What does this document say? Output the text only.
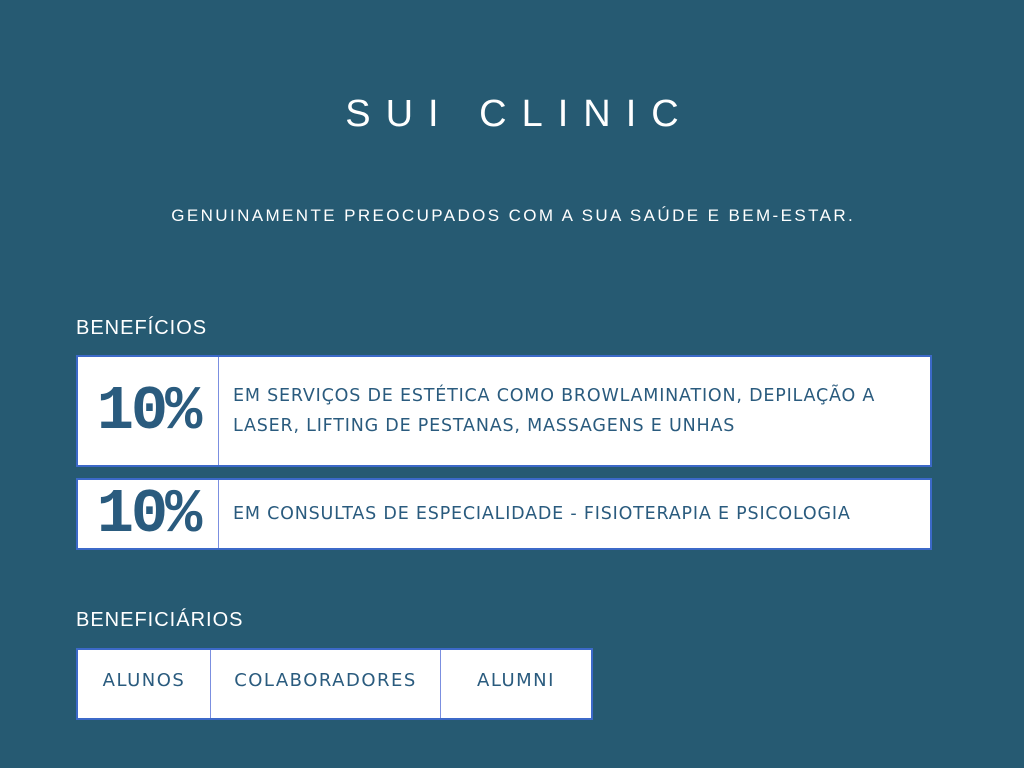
SUI CLINIC

GENUINAMENTE PREOCUPADOS COM A SUA SAÚDE E BEM-ESTAR.

BENEFÍCIOS
10%	EM SERVIÇOS DE ESTÉTICA COMO BROWLAMINATION, DEPILAÇÃO A LASER, LIFTING DE PESTANAS, MASSAGENS E UNHAS
10%	EM CONSULTAS DE ESPECIALIDADE - FISIOTERAPIA E PSICOLOGIA
BENEFICIÁRIOS
ALUNOS	COLABORADORES	ALUMNI
